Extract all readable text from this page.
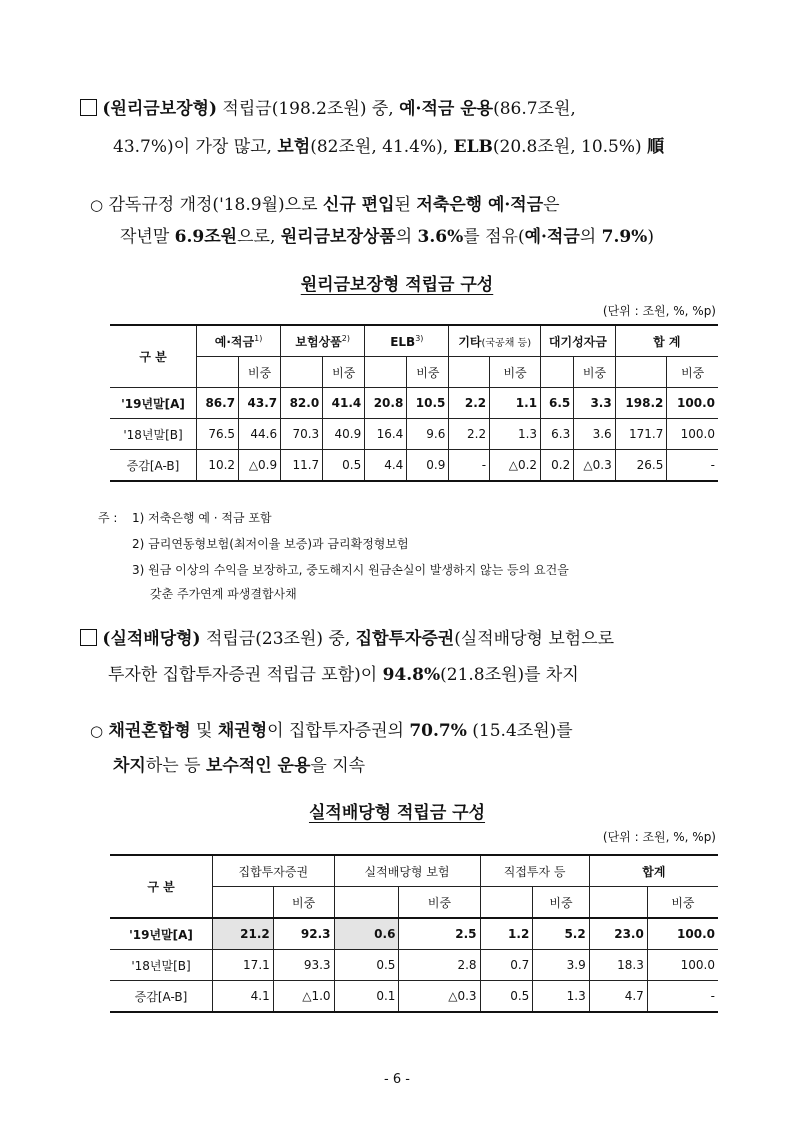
(원리금보장형) 적립금(198.2조원) 중, 예·적금 운용(86.7조원,
43.7%)이 가장 많고, 보험(82조원, 41.4%), ELB(20.8조원, 10.5%) 順
○ 감독규정 개정('18.9월)으로 신규 편입된 저축은행 예·적금은
작년말 6.9조원으로, 원리금보장상품의 3.6%를 점유(예·적금의 7.9%)
원리금보장형 적립금 구성
(단위 : 조원, %, %p)
구 분	예·적금$^{1)}$		보험상품$^{2)}$		ELB$^{3)}$		기타(국공채 등)		대기성자금		합 계	
		비중		비중		비중		비중		비중		비중
'19년말[A]	86.7	43.7	82.0	41.4	20.8	10.5	2.2	1.1	6.5	3.3	198.2	100.0
'18년말[B]	76.5	44.6	70.3	40.9	16.4	9.6	2.2	1.3	6.3	3.6	171.7	100.0
증감[A-B]	10.2	△0.9	11.7	0.5	4.4	0.9	-	△0.2	0.2	△0.3	26.5	-
주 : 1) 저축은행 예 · 적금 포함
2) 금리연동형보험(최저이율 보증)과 금리확정형보험
3) 원금 이상의 수익을 보장하고, 중도해지시 원금손실이 발생하지 않는 등의 요건을
갖춘 주가연계 파생결합사채
(실적배당형) 적립금(23조원) 중, 집합투자증권(실적배당형 보험으로
투자한 집합투자증권 적립금 포함)이 94.8%(21.8조원)를 차지
○ 채권혼합형 및 채권형이 집합투자증권의 70.7% (15.4조원)를
차지하는 등 보수적인 운용을 지속
실적배당형 적립금 구성
(단위 : 조원, %, %p)
구 분	집합투자증권		실적배당형 보험		직접투자 등		합계	
		비중		비중		비중		비중
'19년말[A]	21.2	92.3	0.6	2.5	1.2	5.2	23.0	100.0
'18년말[B]	17.1	93.3	0.5	2.8	0.7	3.9	18.3	100.0
증감[A-B]	4.1	△1.0	0.1	△0.3	0.5	1.3	4.7	-
- 6 -
